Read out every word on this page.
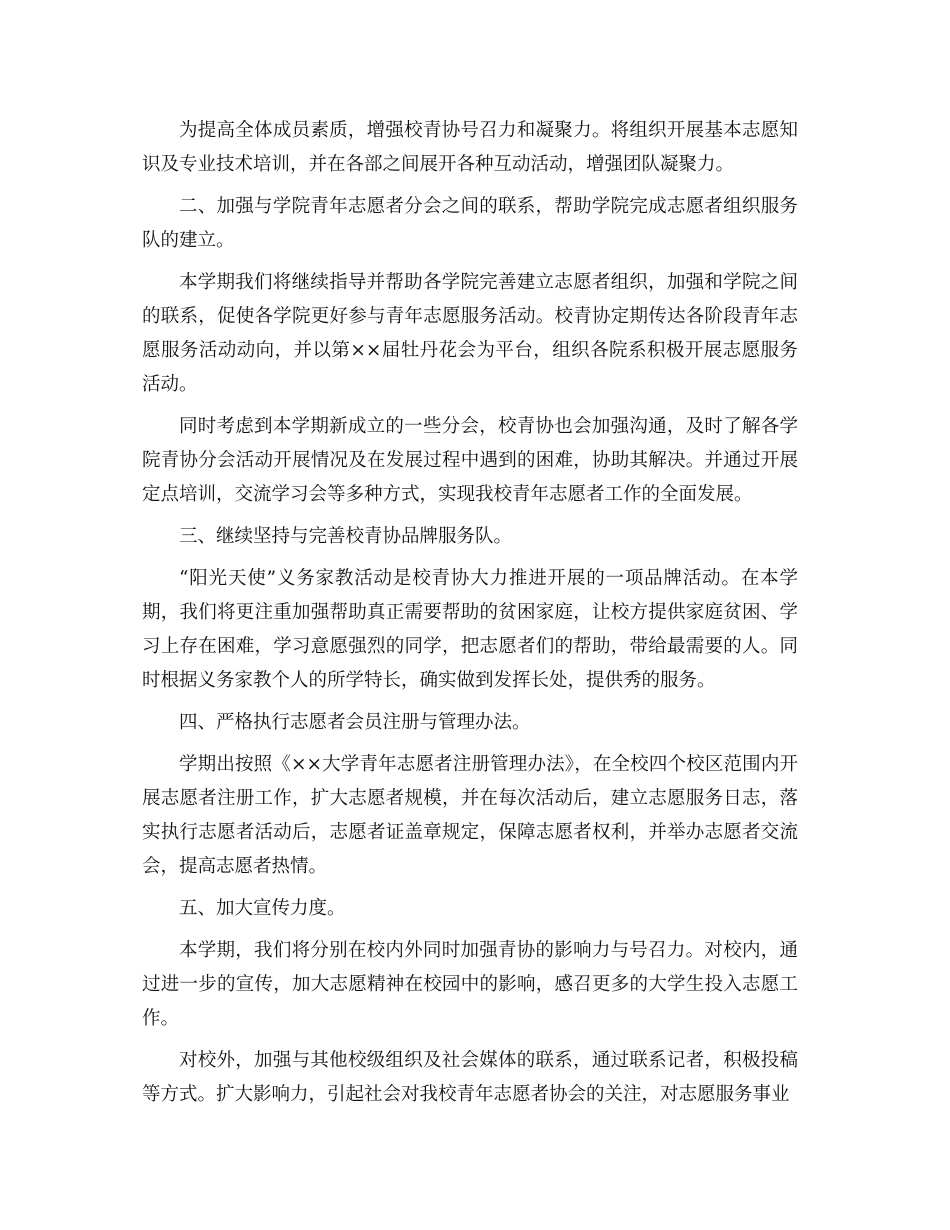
为提高全体成员素质，增强校青协号召力和凝聚力。将组织开展基本志愿知识及专业技术培训，并在各部之间展开各种互动活动，增强团队凝聚力。

二、加强与学院青年志愿者分会之间的联系，帮助学院完成志愿者组织服务队的建立。

本学期我们将继续指导并帮助各学院完善建立志愿者组织，加强和学院之间的联系，促使各学院更好参与青年志愿服务活动。校青协定期传达各阶段青年志愿服务活动动向，并以第××届牡丹花会为平台，组织各院系积极开展志愿服务活动。

同时考虑到本学期新成立的一些分会，校青协也会加强沟通，及时了解各学院青协分会活动开展情况及在发展过程中遇到的困难，协助其解决。并通过开展定点培训，交流学习会等多种方式，实现我校青年志愿者工作的全面发展。

三、继续坚持与完善校青协品牌服务队。

“阳光天使”义务家教活动是校青协大力推进开展的一项品牌活动。在本学期，我们将更注重加强帮助真正需要帮助的贫困家庭，让校方提供家庭贫困、学习上存在困难，学习意愿强烈的同学，把志愿者们的帮助，带给最需要的人。同时根据义务家教个人的所学特长，确实做到发挥长处，提供秀的服务。

四、严格执行志愿者会员注册与管理办法。

学期出按照《××大学青年志愿者注册管理办法》，在全校四个校区范围内开展志愿者注册工作，扩大志愿者规模，并在每次活动后，建立志愿服务日志，落实执行志愿者活动后，志愿者证盖章规定，保障志愿者权利，并举办志愿者交流会，提高志愿者热情。

五、加大宣传力度。

本学期，我们将分别在校内外同时加强青协的影响力与号召力。对校内，通过进一步的宣传，加大志愿精神在校园中的影响，感召更多的大学生投入志愿工作。

对校外，加强与其他校级组织及社会媒体的联系，通过联系记者，积极投稿等方式。扩大影响力，引起社会对我校青年志愿者协会的关注，对志愿服务事业
